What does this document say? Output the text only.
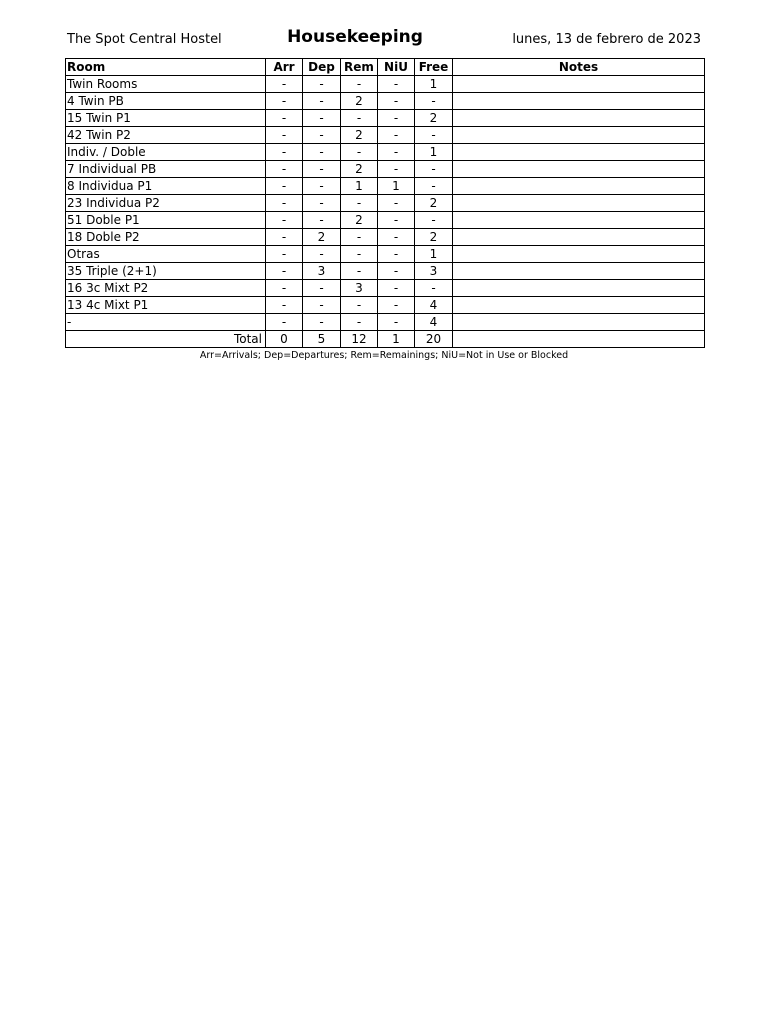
The Spot Central Hostel	Housekeeping	lunes, 13 de febrero de 2023
Room	Arr	Dep	Rem	NiU	Free	Notes
Twin Rooms	-	-	-	-	1	
4 Twin PB	-	-	2	-	-	
15 Twin P1	-	-	-	-	2	
42 Twin P2	-	-	2	-	-	
Indiv. / Doble	-	-	-	-	1	
7 Individual PB	-	-	2	-	-	
8 Individua P1	-	-	1	1	-	
23 Individua P2	-	-	-	-	2	
51 Doble P1	-	-	2	-	-	
18 Doble P2	-	2	-	-	2	
Otras	-	-	-	-	1	
35 Triple (2+1)	-	3	-	-	3	
16 3c Mixt P2	-	-	3	-	-	
13 4c Mixt P1	-	-	-	-	4	
-	-	-	-	-	4	
Total	0	5	12	1	20	
Arr=Arrivals; Dep=Departures; Rem=Remainings; NiU=Not in Use or Blocked
